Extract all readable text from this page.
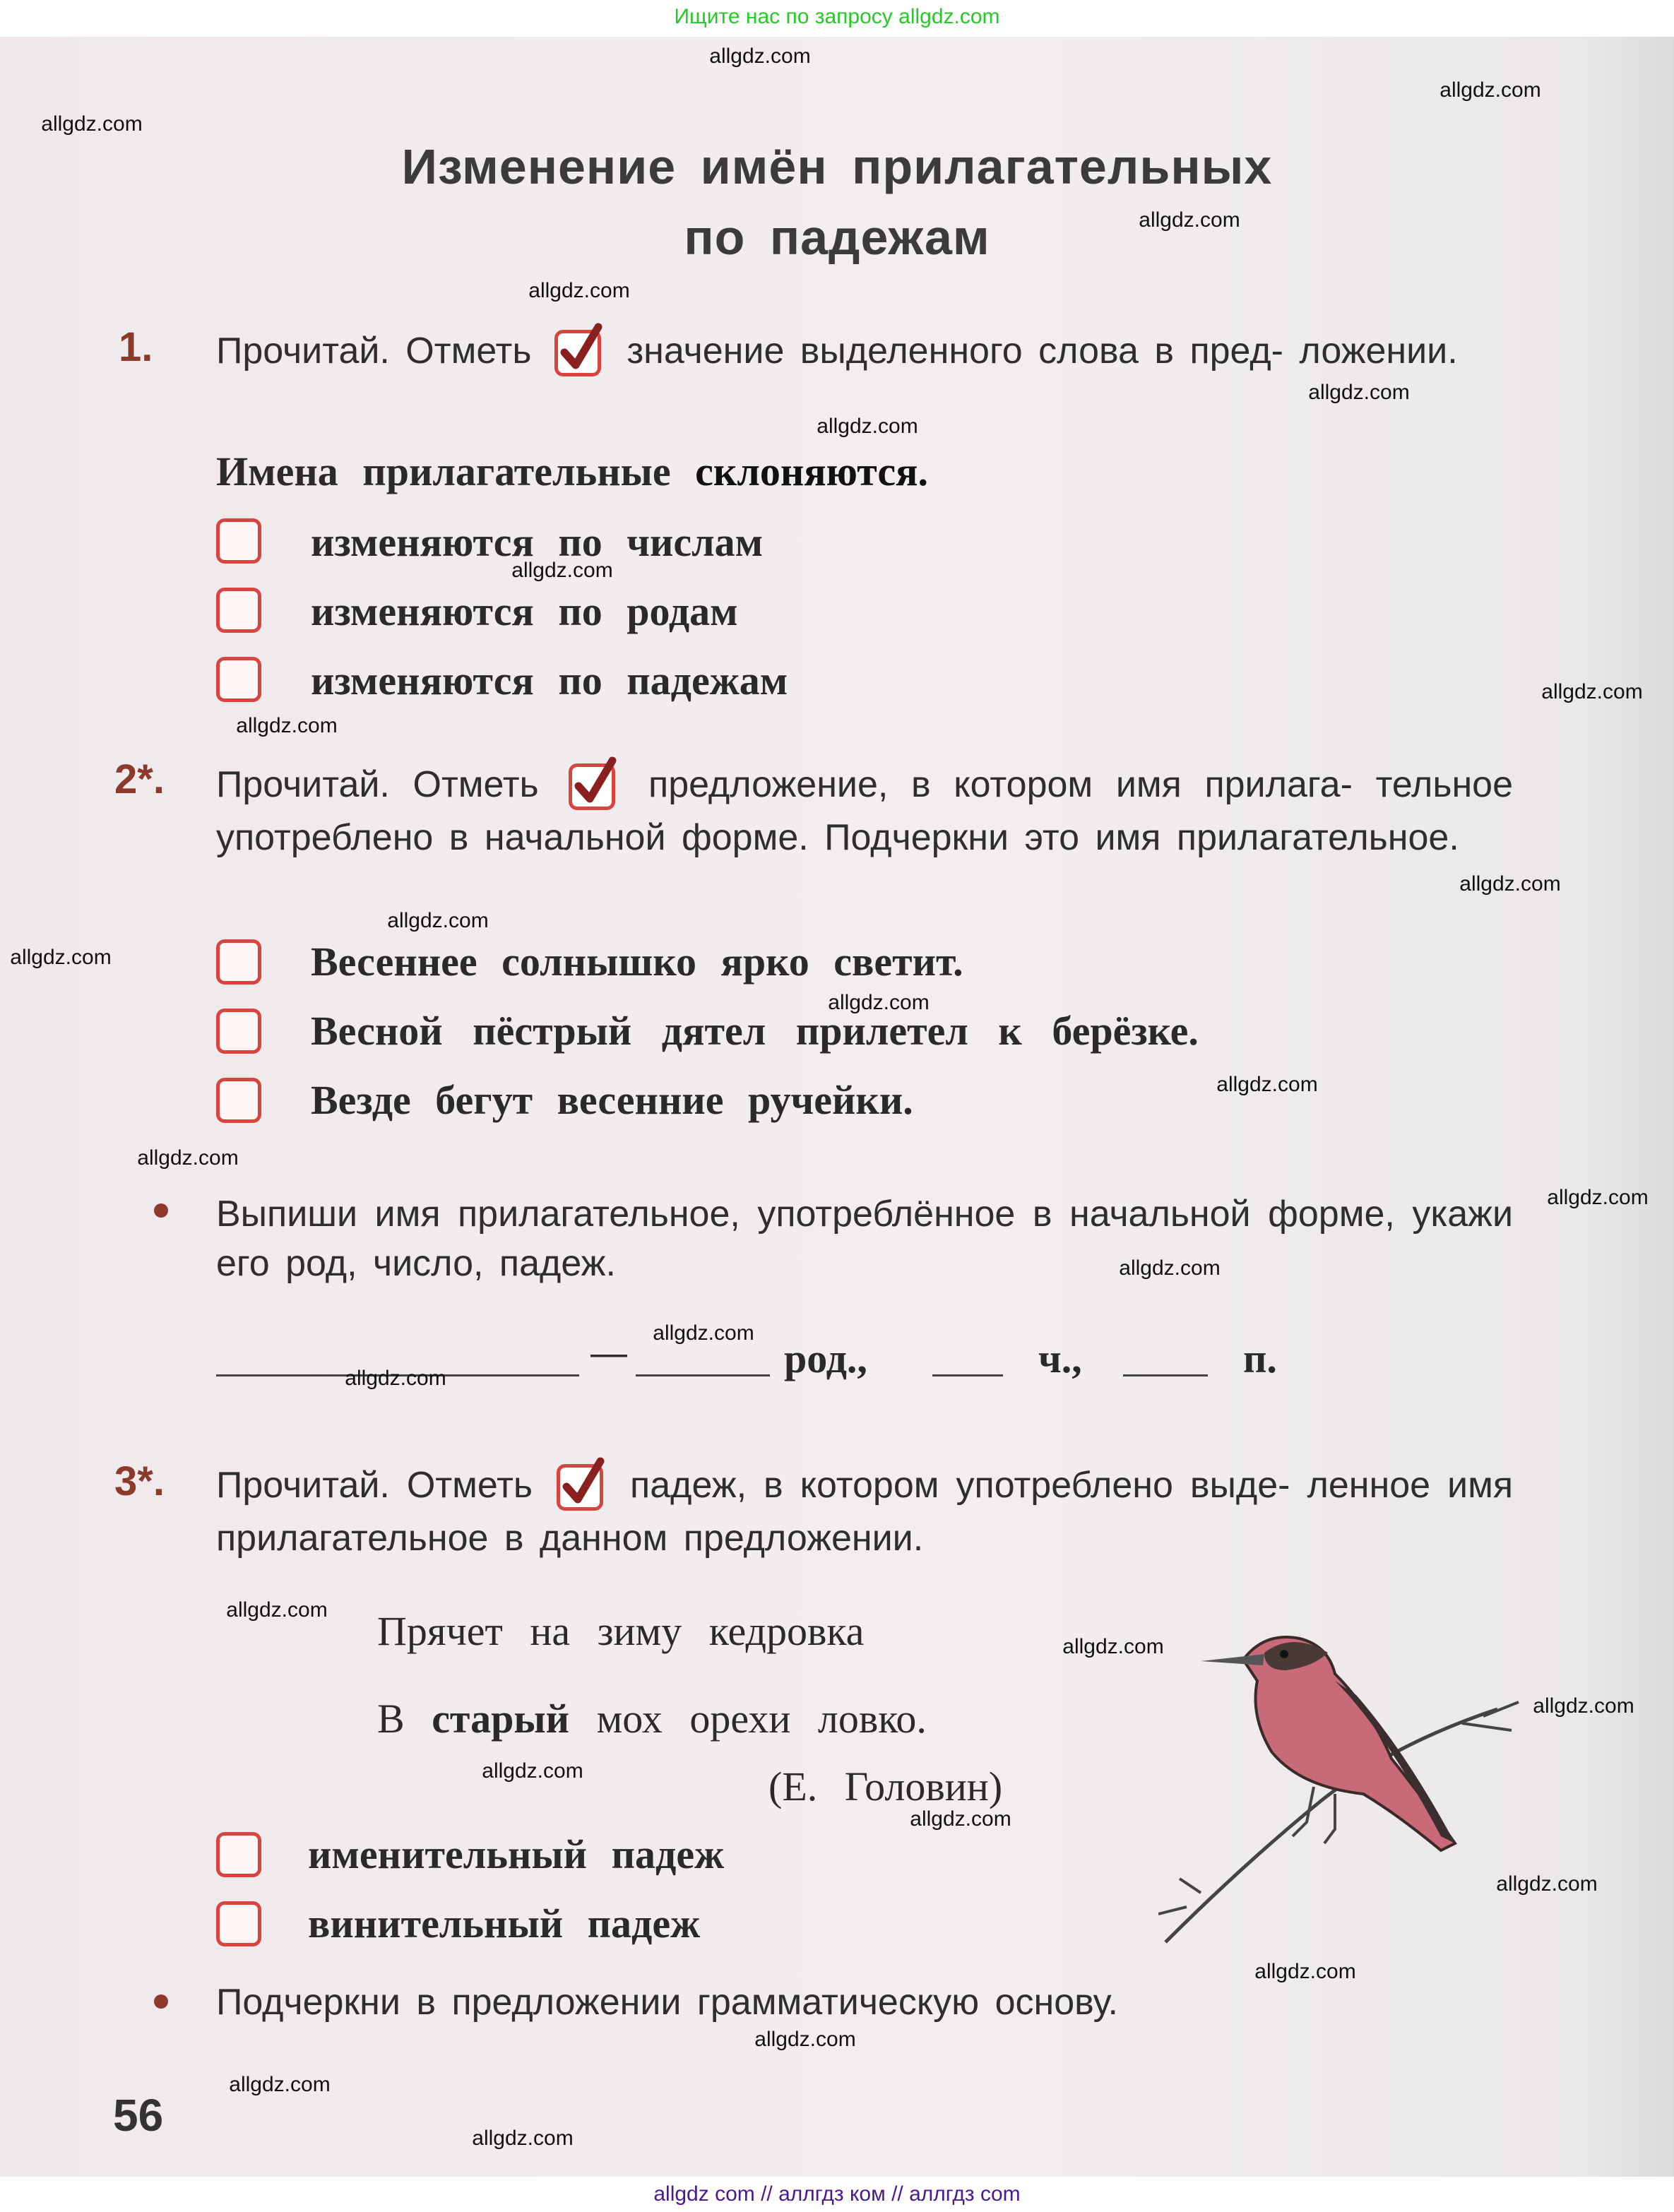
Ищите нас по запросу allgdz.com
Изменение имён прилагательных
по падежам
1. Прочитай. Отметь	значение выделенного слова в пред- ложении.
Имена прилагательные склоняются.
изменяются по числам
изменяются по родам
изменяются по падежам
2*. Прочитай. Отметь	предложение, в котором имя прилага- тельное употреблено в начальной форме. Подчеркни это имя прилагательное.
Весеннее солнышко ярко светит.
Весной пёстрый дятел прилетел к берёзке.
Везде бегут весенние ручейки.
Выпиши имя прилагательное, употреблённое в начальной форме, укажи его род, число, падеж.
—	род.,	ч.,	п.
3*. Прочитай. Отметь	падеж, в котором употреблено выде- ленное имя прилагательное в данном предложении.
Прячет на зиму кедровка
В старый мох орехи ловко.
(Е. Головин)
именительный падеж
винительный падеж
Подчеркни в предложении грамматическую основу.
56
allgdz.com
allgdz.com
allgdz.com
allgdz.com
allgdz.com
allgdz.com
allgdz.com
allgdz.com
allgdz.com
allgdz.com
allgdz.com
allgdz.com
allgdz.com
allgdz.com
allgdz.com
allgdz.com
allgdz.com
allgdz.com
allgdz.com
allgdz.com
allgdz.com
allgdz.com
allgdz.com
allgdz.com
allgdz.com
allgdz.com
allgdz.com
allgdz.com
allgdz.com
allgdz.com
allgdz com // аллгдз ком // аллгдз com
